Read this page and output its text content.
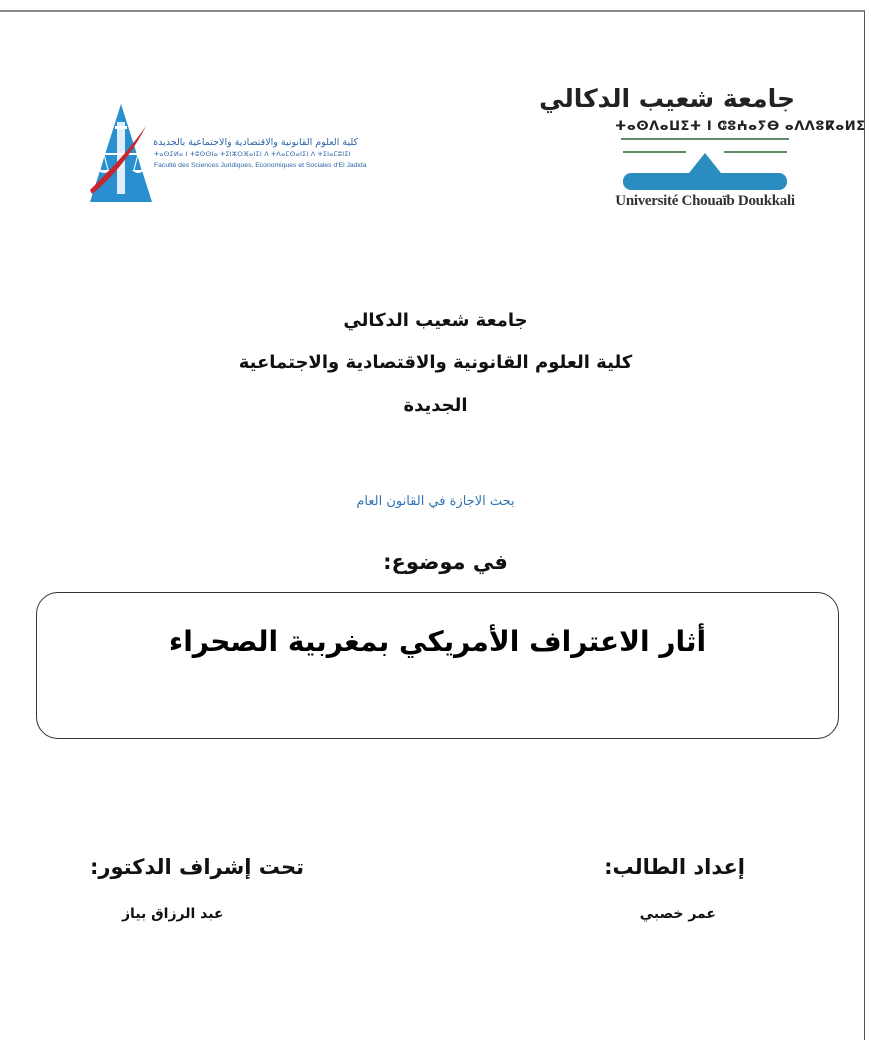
جامعة شعيب الدكالي
ⵜⴰⵙⴷⴰⵡⵉⵜ ⵏ ⵛⵓⵄⴰⵢⴱ ⴰⴷⴷⵓⴽⴰⵍⵉ
Université Chouaïb Doukkali
كلية العلوم القانونية والاقتصادية والاجتماعية بالجديدة
ⵜⴰⵙⵉⵍⴰ ⵏ ⵜⵓⵙⵙⵏⴰ ⵜⵉⵏⵣⵔⴼⴰⵏⵉⵏ ⴷ ⵜⴷⴰⵎⵙⴰⵏⵉⵏ ⴷ ⵜⵉⵏⴰⵎⵓⵏⵉⵏ
Faculté des Sciences Juridiques, Economiques et Sociales d'El Jadida
جامعة شعيب الدكالي
كلية العلوم القانونية والاقتصادية والاجتماعية
الجديدة
بحث الاجازة في القانون العام
في موضوع:
أثار الاعتراف الأمريكي بمغربية الصحراء
إعداد الطالب:
عمر خصبي
تحت إشراف الدكتور:
عبد الرزاق بياز
